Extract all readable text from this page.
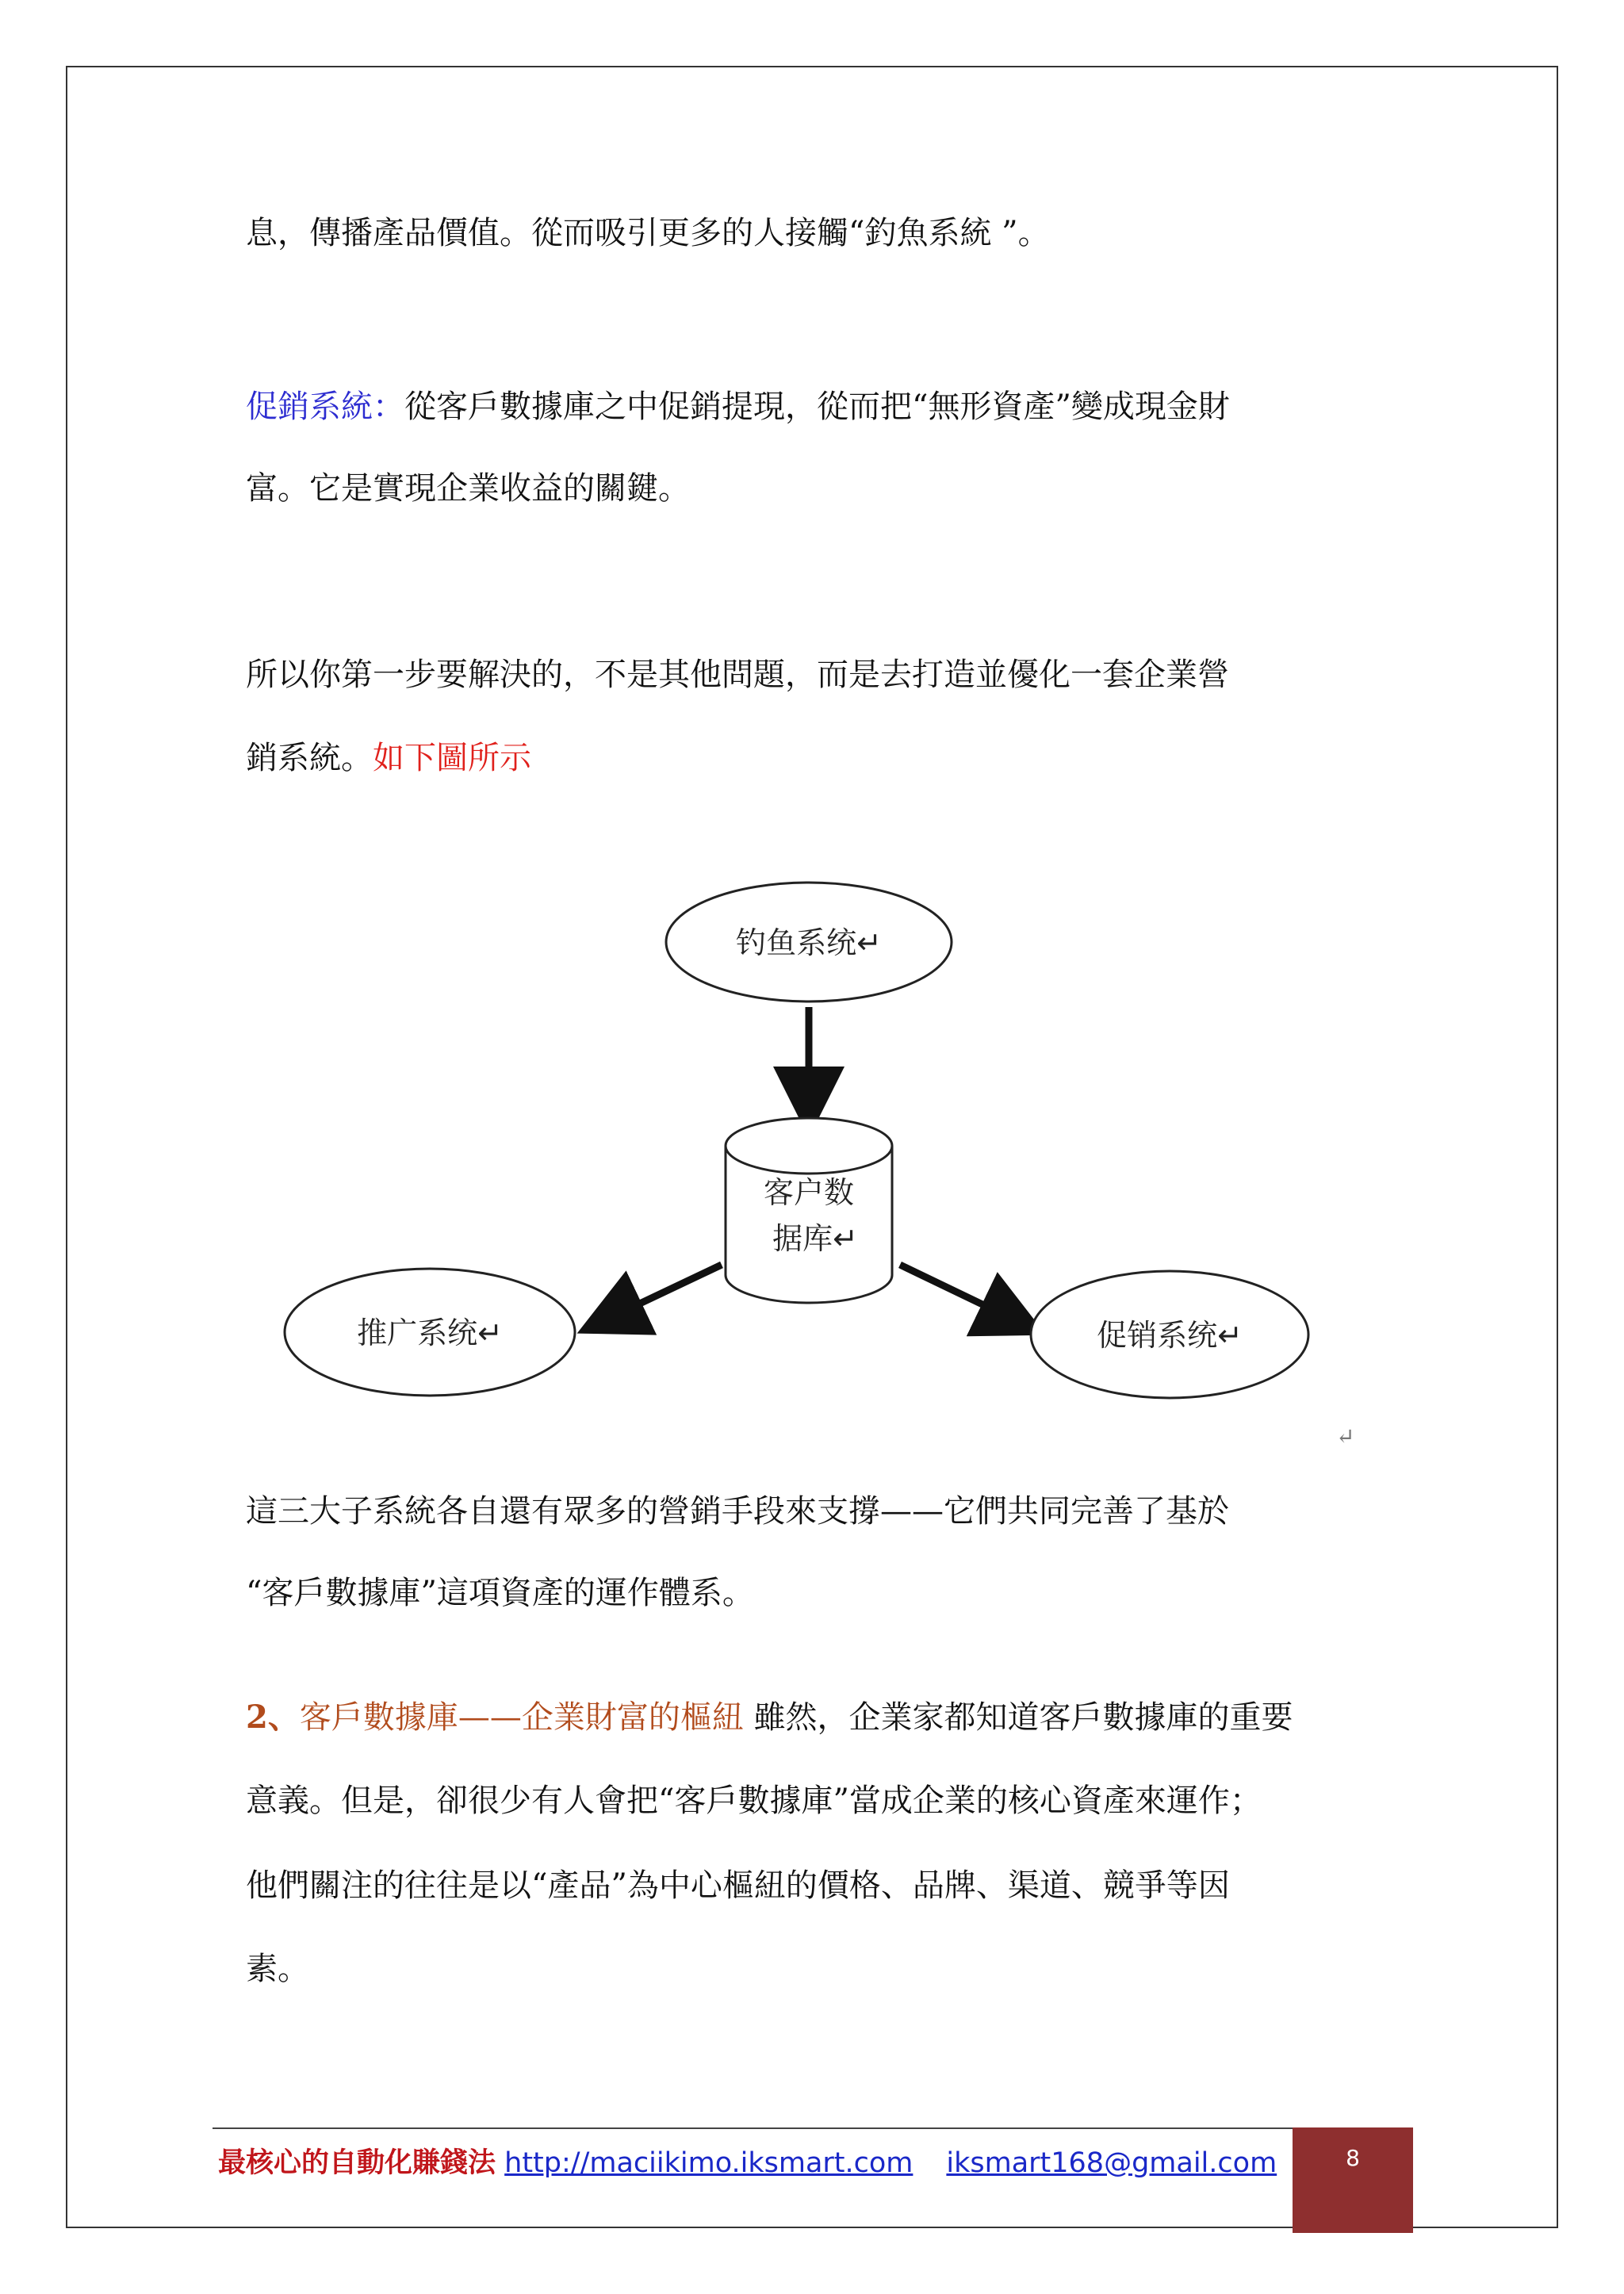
息，傳播產品價值。從而吸引更多的人接觸“釣魚系統 ”。
促銷系統：從客戶數據庫之中促銷提現，從而把“無形資產”變成現金財
富。它是實現企業收益的關鍵。
所以你第一步要解決的，不是其他問題，而是去打造並優化一套企業營
銷系統。如下圖所示
钓鱼系统↵
客户数
据库↵
推广系统↵	促销系统↵
↵
這三大子系統各自還有眾多的營銷手段來支撐——它們共同完善了基於
“客戶數據庫”這項資產的運作體系。
2、客戶數據庫——企業財富的樞紐 雖然，企業家都知道客戶數據庫的重要
意義。但是，卻很少有人會把“客戶數據庫”當成企業的核心資產來運作；
他們關注的往往是以“產品”為中心樞紐的價格、品牌、渠道、競爭等因
素。
最核心的自動化賺錢法 http://maciikimo.iksmart.com iksmart168@gmail.com	8
